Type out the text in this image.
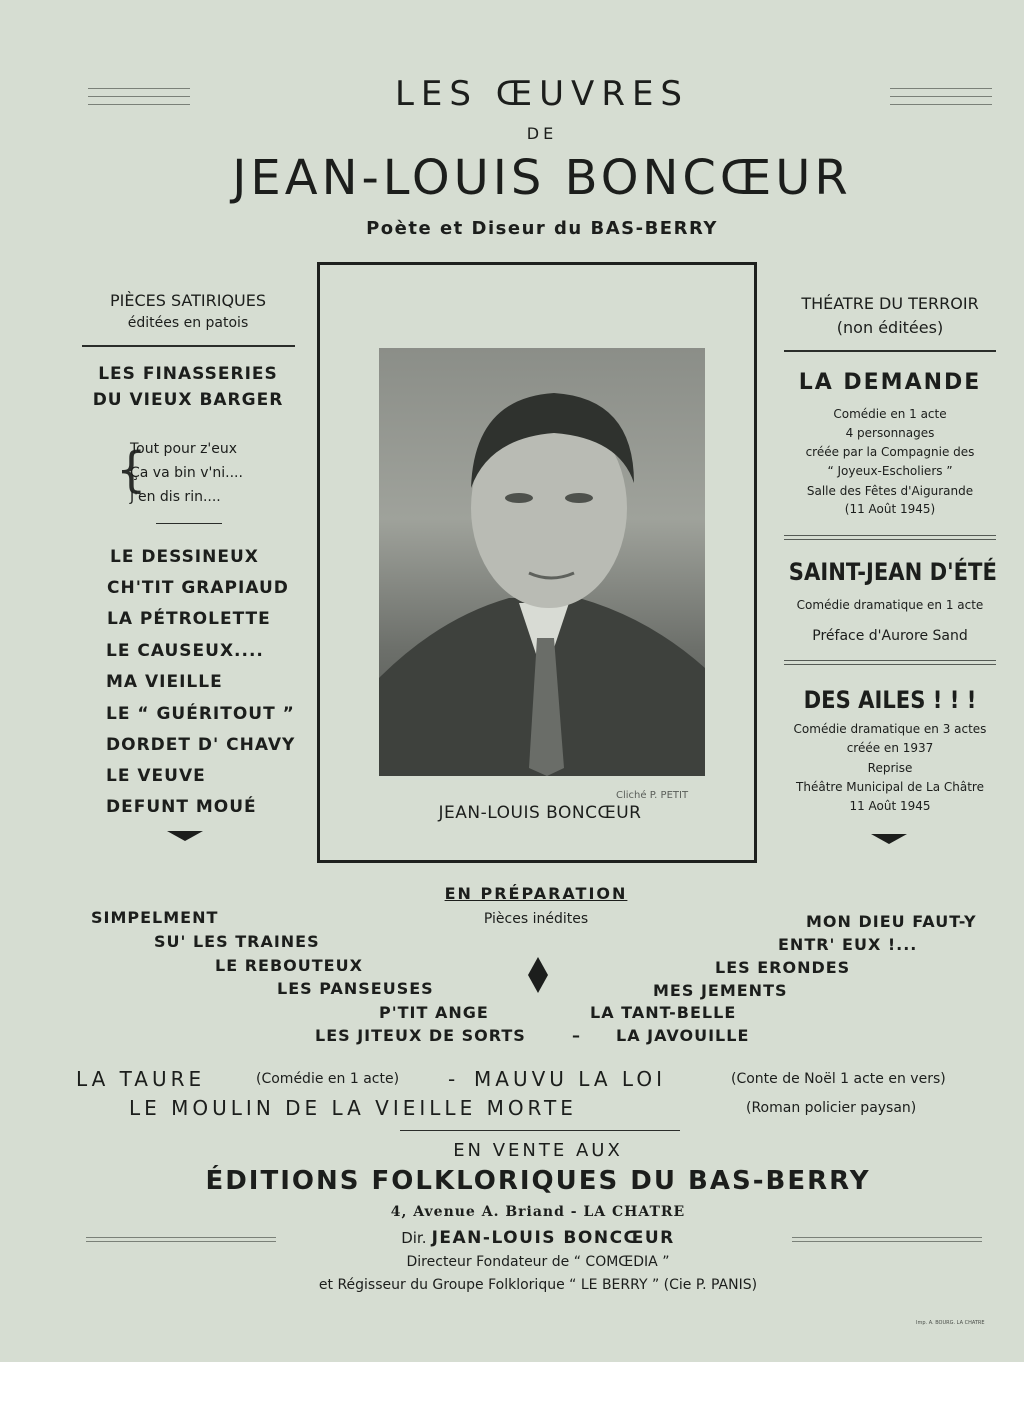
LES ŒUVRES
DE
JEAN-LOUIS BONCŒUR
Poète et Diseur du BAS-BERRY
PIÈCES SATIRIQUES
éditées en patois
LES FINASSERIES
DU VIEUX BARGER
{
Tout pour z'eux
Ça va bin v'ni....
J'en dis rin....
LE DESSINEUX
CH'TIT GRAPIAUD
LA PÉTROLETTE
LE CAUSEUX....
MA VIEILLE
LE “ GUÉRITOUT ”
DORDET D' CHAVY
LE VEUVE
DEFUNT MOUÉ
Cliché P. PETIT
JEAN-LOUIS BONCŒUR
THÉATRE DU TERROIR
(non éditées)
LA DEMANDE
Comédie en 1 acte
4 personnages
créée par la Compagnie des
“ Joyeux-Escholiers ”
Salle des Fêtes d'Aigurande
(11 Août 1945)
SAINT-JEAN D'ÉTÉ
Comédie dramatique en 1 acte
Préface d'Aurore Sand
DES AILES ! ! !
Comédie dramatique en 3 actes
créée en 1937
Reprise
Théâtre Municipal de La Châtre
11 Août 1945
EN PRÉPARATION
Pièces inédites
SIMPELMENT
SU' LES TRAINES
LE REBOUTEUX
LES PANSEUSES
P'TIT ANGE
LES JITEUX DE SORTS	–
MON DIEU FAUT-Y
ENTR' EUX !...
LES ERONDES
MES JEMENTS
LA TANT-BELLE
LA JAVOUILLE
LA TAURE	(Comédie en 1 acte) - MAUVU LA LOI	(Conte de Noël 1 acte en vers)
LE MOULIN DE LA VIEILLE MORTE	(Roman policier paysan)
EN VENTE AUX
ÉDITIONS FOLKLORIQUES DU BAS-BERRY
4, Avenue A. Briand - LA CHATRE
Dir. JEAN-LOUIS BONCŒUR
Directeur Fondateur de “ COMŒDIA ”
et Régisseur du Groupe Folklorique “ LE BERRY ” (Cie P. PANIS)
Imp. A. BOURG. LA CHATRE
